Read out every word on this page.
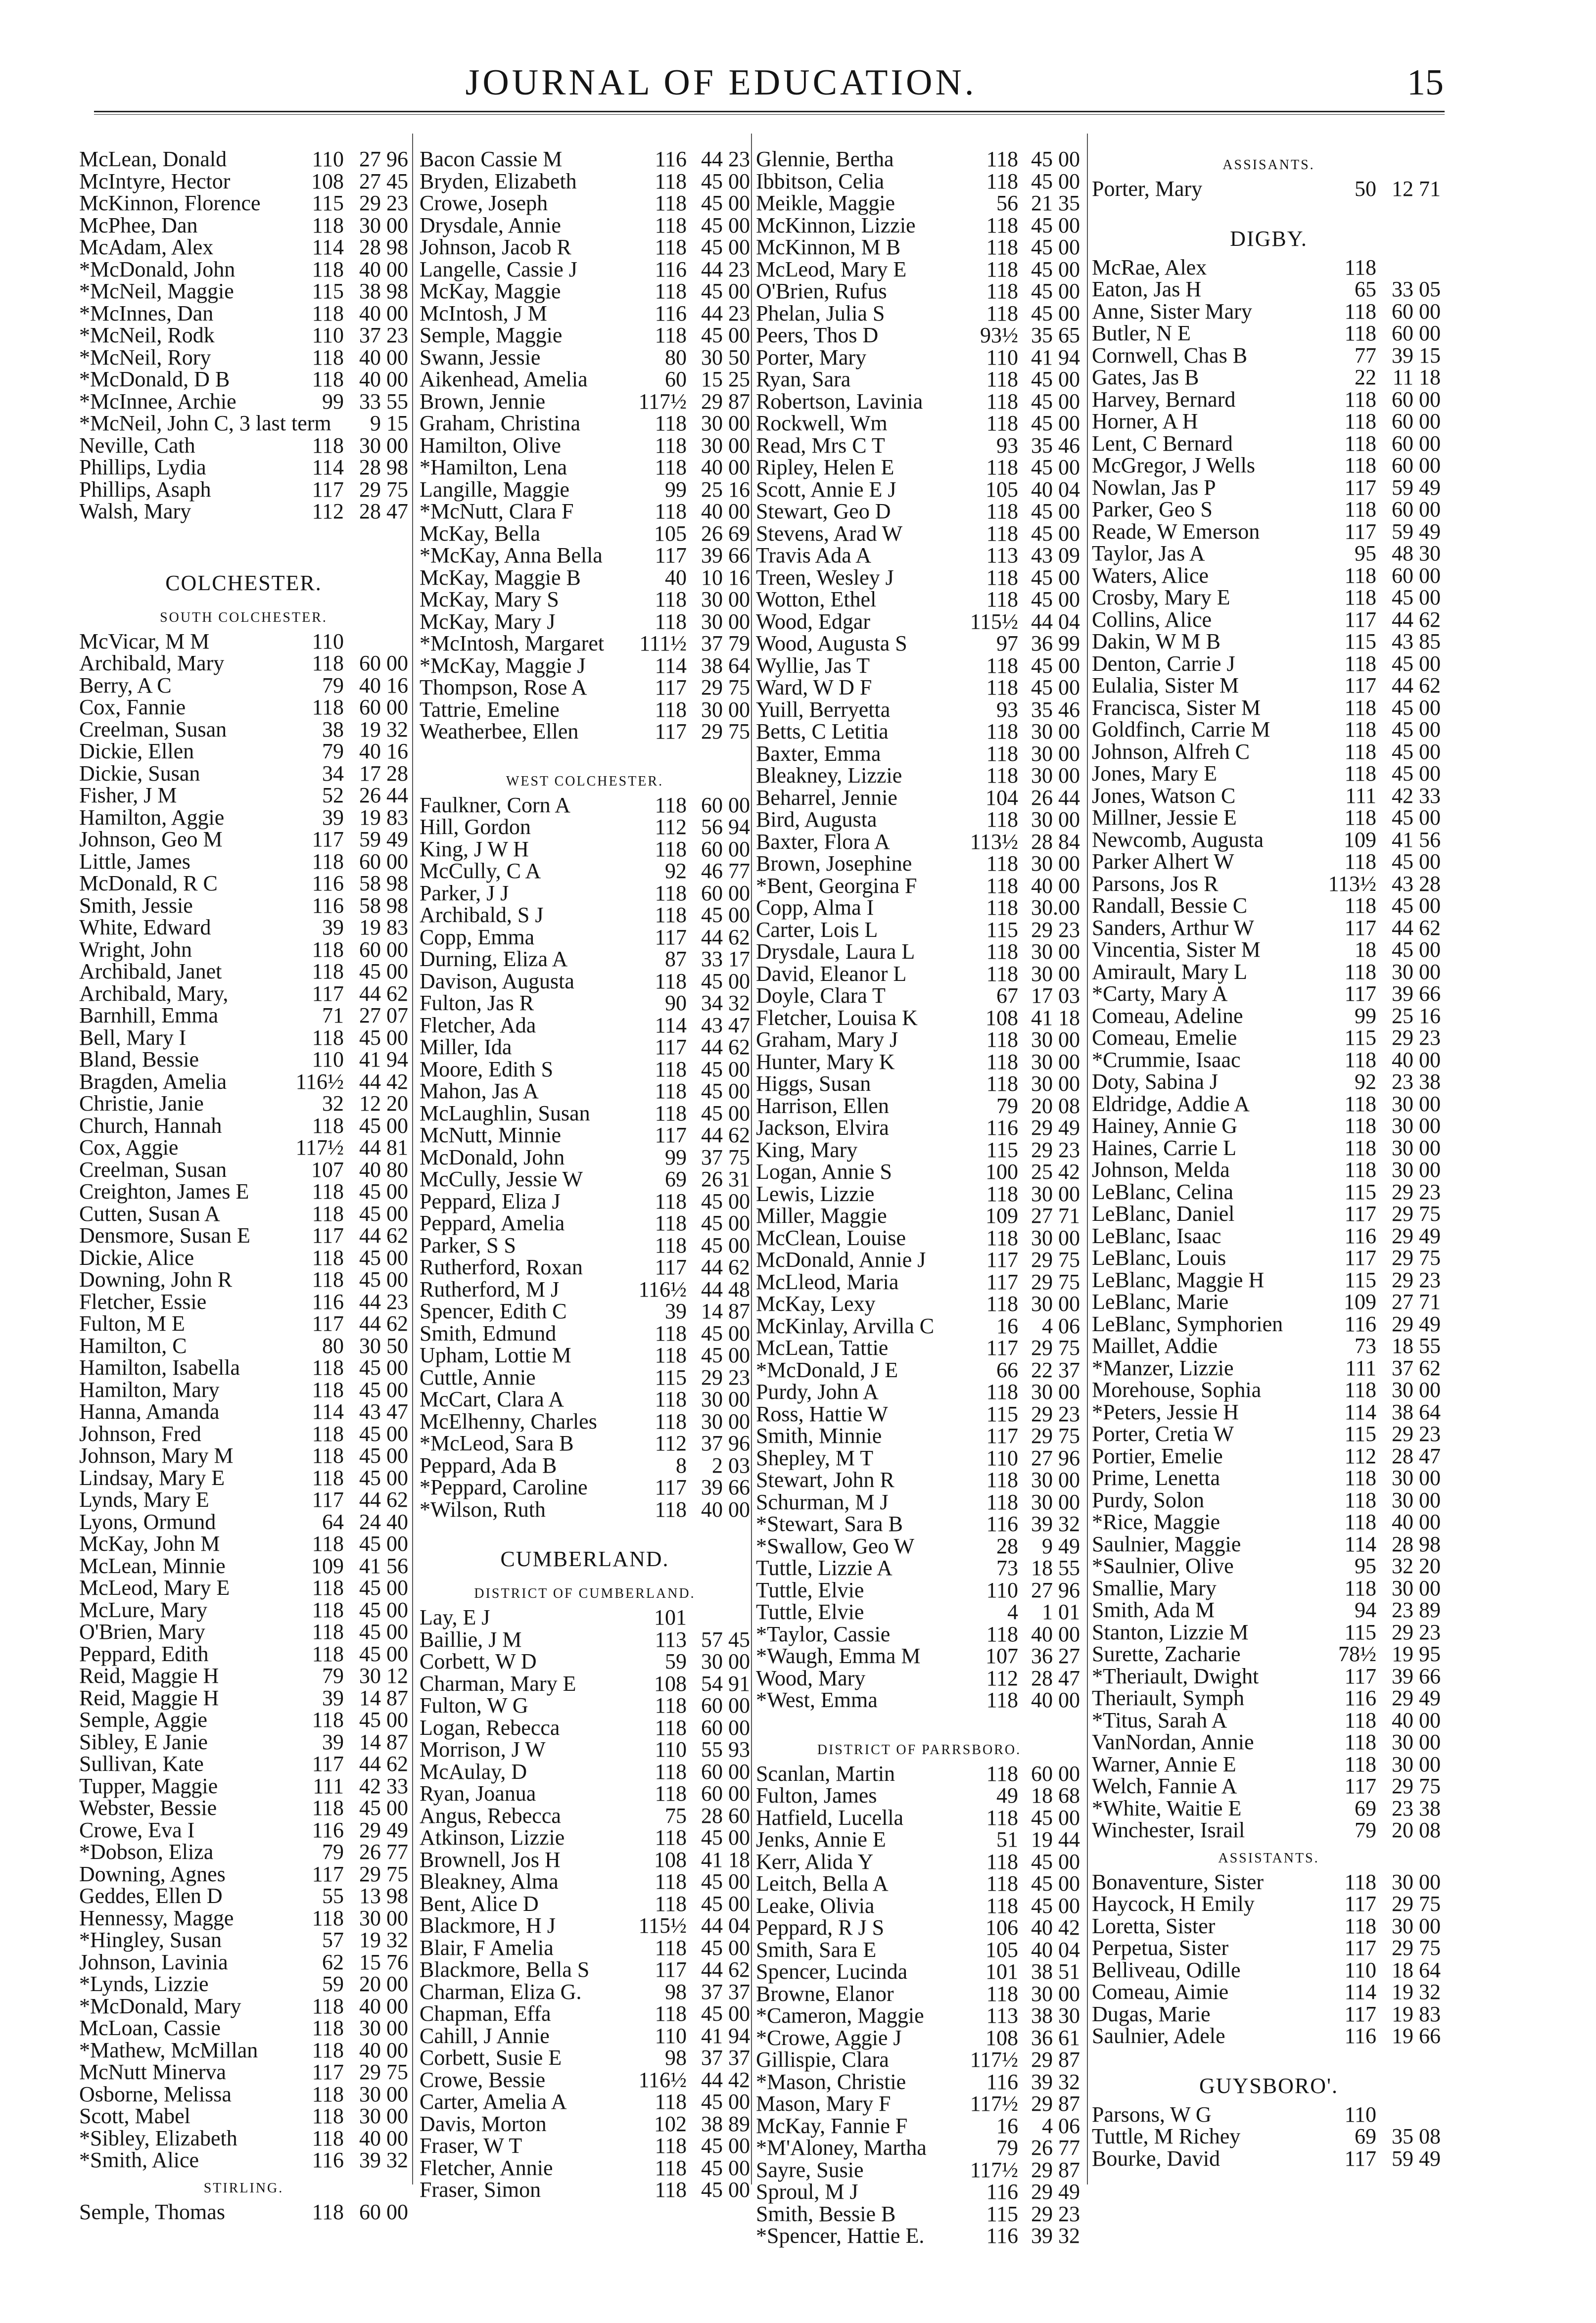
JOURNAL OF EDUCATION.	15
McLean, Donald	110 27 96
McIntyre, Hector	108 27 45
McKinnon, Florence	115 29 23
McPhee, Dan	118 30 00
McAdam, Alex	114 28 98
*McDonald, John	118 40 00
*McNeil, Maggie	115 38 98
*McInnes, Dan	118 40 00
*McNeil, Rodk	110 37 23
*McNeil, Rory	118 40 00
*McDonald, D B	118 40 00
*McInnee, Archie	99 33 55
*McNeil, John C, 3 last term	9 15
Neville, Cath	118 30 00
Phillips, Lydia	114 28 98
Phillips, Asaph	117 29 75
Walsh, Mary	112 28 47
COLCHESTER.
SOUTH COLCHESTER.
McVicar, M M	110
Archibald, Mary	118 60 00
Berry, A C	79 40 16
Cox, Fannie	118 60 00
Creelman, Susan	38 19 32
Dickie, Ellen	79 40 16
Dickie, Susan	34 17 28
Fisher, J M	52 26 44
Hamilton, Aggie	39 19 83
Johnson, Geo M	117 59 49
Little, James	118 60 00
McDonald, R C	116 58 98
Smith, Jessie	116 58 98
White, Edward	39 19 83
Wright, John	118 60 00
Archibald, Janet	118 45 00
Archibald, Mary,	117 44 62
Barnhill, Emma	71 27 07
Bell, Mary I	118 45 00
Bland, Bessie	110 41 94
Bragden, Amelia	116½ 44 42
Christie, Janie	32 12 20
Church, Hannah	118 45 00
Cox, Aggie	117½ 44 81
Creelman, Susan	107 40 80
Creighton, James E	118 45 00
Cutten, Susan A	118 45 00
Densmore, Susan E	117 44 62
Dickie, Alice	118 45 00
Downing, John R	118 45 00
Fletcher, Essie	116 44 23
Fulton, M E	117 44 62
Hamilton, C	80 30 50
Hamilton, Isabella	118 45 00
Hamilton, Mary	118 45 00
Hanna, Amanda	114 43 47
Johnson, Fred	118 45 00
Johnson, Mary M	118 45 00
Lindsay, Mary E	118 45 00
Lynds, Mary E	117 44 62
Lyons, Ormund	64 24 40
McKay, John M	118 45 00
McLean, Minnie	109 41 56
McLeod, Mary E	118 45 00
McLure, Mary	118 45 00
O'Brien, Mary	118 45 00
Peppard, Edith	118 45 00
Reid, Maggie H	79 30 12
Reid, Maggie H	39 14 87
Semple, Aggie	118 45 00
Sibley, E Janie	39 14 87
Sullivan, Kate	117 44 62
Tupper, Maggie	111 42 33
Webster, Bessie	118 45 00
Crowe, Eva I	116 29 49
*Dobson, Eliza	79 26 77
Downing, Agnes	117 29 75
Geddes, Ellen D	55 13 98
Hennessy, Magge	118 30 00
*Hingley, Susan	57 19 32
Johnson, Lavinia	62 15 76
*Lynds, Lizzie	59 20 00
*McDonald, Mary	118 40 00
McLoan, Cassie	118 30 00
*Mathew, McMillan	118 40 00
McNutt Minerva	117 29 75
Osborne, Melissa	118 30 00
Scott, Mabel	118 30 00
*Sibley, Elizabeth	118 40 00
*Smith, Alice	116 39 32
STIRLING.
Semple, Thomas	118 60 00
Bacon Cassie M	116 44 23
Bryden, Elizabeth	118 45 00
Crowe, Joseph	118 45 00
Drysdale, Annie	118 45 00
Johnson, Jacob R	118 45 00
Langelle, Cassie J	116 44 23
McKay, Maggie	118 45 00
McIntosh, J M	116 44 23
Semple, Maggie	118 45 00
Swann, Jessie	80 30 50
Aikenhead, Amelia	60 15 25
Brown, Jennie	117½ 29 87
Graham, Christina	118 30 00
Hamilton, Olive	118 30 00
*Hamilton, Lena	118 40 00
Langille, Maggie	99 25 16
*McNutt, Clara F	118 40 00
McKay, Bella	105 26 69
*McKay, Anna Bella	117 39 66
McKay, Maggie B	40 10 16
McKay, Mary S	118 30 00
McKay, Mary J	118 30 00
*McIntosh, Margaret	111½ 37 79
*McKay, Maggie J	114 38 64
Thompson, Rose A	117 29 75
Tattrie, Emeline	118 30 00
Weatherbee, Ellen	117 29 75
WEST COLCHESTER.
Faulkner, Corn A	118 60 00
Hill, Gordon	112 56 94
King, J W H	118 60 00
McCully, C A	92 46 77
Parker, J J	118 60 00
Archibald, S J	118 45 00
Copp, Emma	117 44 62
Durning, Eliza A	87 33 17
Davison, Augusta	118 45 00
Fulton, Jas R	90 34 32
Fletcher, Ada	114 43 47
Miller, Ida	117 44 62
Moore, Edith S	118 45 00
Mahon, Jas A	118 45 00
McLaughlin, Susan	118 45 00
McNutt, Minnie	117 44 62
McDonald, John	99 37 75
McCully, Jessie W	69 26 31
Peppard, Eliza J	118 45 00
Peppard, Amelia	118 45 00
Parker, S S	118 45 00
Rutherford, Roxan	117 44 62
Rutherford, M J	116½ 44 48
Spencer, Edith C	39 14 87
Smith, Edmund	118 45 00
Upham, Lottie M	118 45 00
Cuttle, Annie	115 29 23
McCart, Clara A	118 30 00
McElhenny, Charles	118 30 00
*McLeod, Sara B	112 37 96
Peppard, Ada B	8	2 03
*Peppard, Caroline	117 39 66
*Wilson, Ruth	118 40 00
CUMBERLAND.
DISTRICT OF CUMBERLAND.
Lay, E J	101
Baillie, J M	113 57 45
Corbett, W D	59 30 00
Charman, Mary E	108 54 91
Fulton, W G	118 60 00
Logan, Rebecca	118 60 00
Morrison, J W	110 55 93
McAulay, D	118 60 00
Ryan, Joanua	118 60 00
Angus, Rebecca	75 28 60
Atkinson, Lizzie	118 45 00
Brownell, Jos H	108 41 18
Bleakney, Alma	118 45 00
Bent, Alice D	118 45 00
Blackmore, H J	115½ 44 04
Blair, F Amelia	118 45 00
Blackmore, Bella S	117 44 62
Charman, Eliza G.	98 37 37
Chapman, Effa	118 45 00
Cahill, J Annie	110 41 94
Corbett, Susie E	98 37 37
Crowe, Bessie	116½ 44 42
Carter, Amelia A	118 45 00
Davis, Morton	102 38 89
Fraser, W T	118 45 00
Fletcher, Annie	118 45 00
Fraser, Simon	118 45 00
Glennie, Bertha	118 45 00
Ibbitson, Celia	118 45 00
Meikle, Maggie	56 21 35
McKinnon, Lizzie	118 45 00
McKinnon, M B	118 45 00
McLeod, Mary E	118 45 00
O'Brien, Rufus	118 45 00
Phelan, Julia S	118 45 00
Peers, Thos D	93½ 35 65
Porter, Mary	110 41 94
Ryan, Sara	118 45 00
Robertson, Lavinia	118 45 00
Rockwell, Wm	118 45 00
Read, Mrs C T	93 35 46
Ripley, Helen E	118 45 00
Scott, Annie E J	105 40 04
Stewart, Geo D	118 45 00
Stevens, Arad W	118 45 00
Travis Ada A	113 43 09
Treen, Wesley J	118 45 00
Wotton, Ethel	118 45 00
Wood, Edgar	115½ 44 04
Wood, Augusta S	97 36 99
Wyllie, Jas T	118 45 00
Ward, W D F	118 45 00
Yuill, Berryetta	93 35 46
Betts, C Letitia	118 30 00
Baxter, Emma	118 30 00
Bleakney, Lizzie	118 30 00
Beharrel, Jennie	104 26 44
Bird, Augusta	118 30 00
Baxter, Flora A	113½ 28 84
Brown, Josephine	118 30 00
*Bent, Georgina F	118 40 00
Copp, Alma I	118 30.00
Carter, Lois L	115 29 23
Drysdale, Laura L	118 30 00
David, Eleanor L	118 30 00
Doyle, Clara T	67 17 03
Fletcher, Louisa K	108 41 18
Graham, Mary J	118 30 00
Hunter, Mary K	118 30 00
Higgs, Susan	118 30 00
Harrison, Ellen	79 20 08
Jackson, Elvira	116 29 49
King, Mary	115 29 23
Logan, Annie S	100 25 42
Lewis, Lizzie	118 30 00
Miller, Maggie	109 27 71
McClean, Louise	118 30 00
McDonald, Annie J	117 29 75
McLleod, Maria	117 29 75
McKay, Lexy	118 30 00
McKinlay, Arvilla C	16	4 06
McLean, Tattie	117 29 75
*McDonald, J E	66 22 37
Purdy, John A	118 30 00
Ross, Hattie W	115 29 23
Smith, Minnie	117 29 75
Shepley, M T	110 27 96
Stewart, John R	118 30 00
Schurman, M J	118 30 00
*Stewart, Sara B	116 39 32
*Swallow, Geo W	28	9 49
Tuttle, Lizzie A	73 18 55
Tuttle, Elvie	110 27 96
Tuttle, Elvie	4	1 01
*Taylor, Cassie	118 40 00
*Waugh, Emma M	107 36 27
Wood, Mary	112 28 47
*West, Emma	118 40 00
DISTRICT OF PARRSBORO.
Scanlan, Martin	118 60 00
Fulton, James	49 18 68
Hatfield, Lucella	118 45 00
Jenks, Annie E	51 19 44
Kerr, Alida Y	118 45 00
Leitch, Bella A	118 45 00
Leake, Olivia	118 45 00
Peppard, R J S	106 40 42
Smith, Sara E	105 40 04
Spencer, Lucinda	101 38 51
Browne, Elanor	118 30 00
*Cameron, Maggie	113 38 30
*Crowe, Aggie J	108 36 61
Gillispie, Clara	117½ 29 87
*Mason, Christie	116 39 32
Mason, Mary F	117½ 29 87
McKay, Fannie F	16	4 06
*M'Aloney, Martha	79 26 77
Sayre, Susie	117½ 29 87
Sproul, M J	116 29 49
Smith, Bessie B	115 29 23
*Spencer, Hattie E.	116 39 32
ASSISANTS.
Porter, Mary	50 12 71
DIGBY.
McRae, Alex	118
Eaton, Jas H	65 33 05
Anne, Sister Mary	118 60 00
Butler, N E	118 60 00
Cornwell, Chas B	77 39 15
Gates, Jas B	22 11 18
Harvey, Bernard	118 60 00
Horner, A H	118 60 00
Lent, C Bernard	118 60 00
McGregor, J Wells	118 60 00
Nowlan, Jas P	117 59 49
Parker, Geo S	118 60 00
Reade, W Emerson	117 59 49
Taylor, Jas A	95 48 30
Waters, Alice	118 60 00
Crosby, Mary E	118 45 00
Collins, Alice	117 44 62
Dakin, W M B	115 43 85
Denton, Carrie J	118 45 00
Eulalia, Sister M	117 44 62
Francisca, Sister M	118 45 00
Goldfinch, Carrie M	118 45 00
Johnson, Alfreh C	118 45 00
Jones, Mary E	118 45 00
Jones, Watson C	111 42 33
Millner, Jessie E	118 45 00
Newcomb, Augusta	109 41 56
Parker Alhert W	118 45 00
Parsons, Jos R	113½ 43 28
Randall, Bessie C	118 45 00
Sanders, Arthur W	117 44 62
Vincentia, Sister M	18 45 00
Amirault, Mary L	118 30 00
*Carty, Mary A	117 39 66
Comeau, Adeline	99 25 16
Comeau, Emelie	115 29 23
*Crummie, Isaac	118 40 00
Doty, Sabina J	92 23 38
Eldridge, Addie A	118 30 00
Hainey, Annie G	118 30 00
Haines, Carrie L	118 30 00
Johnson, Melda	118 30 00
LeBlanc, Celina	115 29 23
LeBlanc, Daniel	117 29 75
LeBlanc, Isaac	116 29 49
LeBlanc, Louis	117 29 75
LeBlanc, Maggie H	115 29 23
LeBlanc, Marie	109 27 71
LeBlanc, Symphorien	116 29 49
Maillet, Addie	73 18 55
*Manzer, Lizzie	111 37 62
Morehouse, Sophia	118 30 00
*Peters, Jessie H	114 38 64
Porter, Cretia W	115 29 23
Portier, Emelie	112 28 47
Prime, Lenetta	118 30 00
Purdy, Solon	118 30 00
*Rice, Maggie	118 40 00
Saulnier, Maggie	114 28 98
*Saulnier, Olive	95 32 20
Smallie, Mary	118 30 00
Smith, Ada M	94 23 89
Stanton, Lizzie M	115 29 23
Surette, Zacharie	78½ 19 95
*Theriault, Dwight	117 39 66
Theriault, Symph	116 29 49
*Titus, Sarah A	118 40 00
VanNordan, Annie	118 30 00
Warner, Annie E	118 30 00
Welch, Fannie A	117 29 75
*White, Waitie E	69 23 38
Winchester, Israil	79 20 08
ASSISTANTS.
Bonaventure, Sister	118 30 00
Haycock, H Emily	117 29 75
Loretta, Sister	118 30 00
Perpetua, Sister	117 29 75
Belliveau, Odille	110 18 64
Comeau, Aimie	114 19 32
Dugas, Marie	117 19 83
Saulnier, Adele	116 19 66
GUYSBORO'.
Parsons, W G	110
Tuttle, M Richey	69 35 08
Bourke, David	117 59 49
